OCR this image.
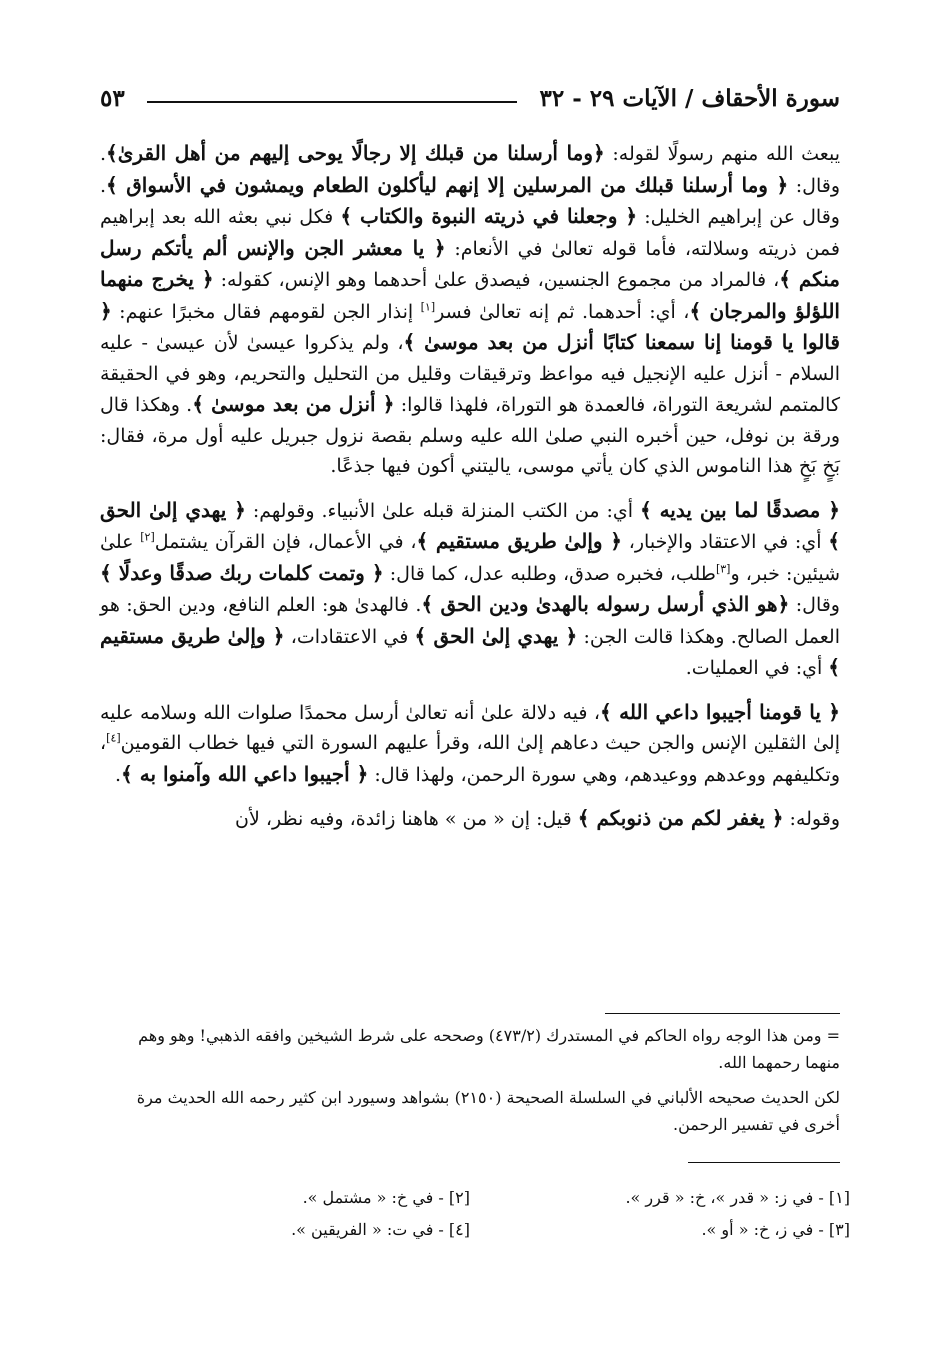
سورة الأحقاف / الآيات ٢٩ - ٣٢
٥٣

يبعث الله منهم رسولًا لقوله: ﴿وما أرسلنا من قبلك إلا رجالًا يوحى إليهم من أهل القرىٰ﴾. وقال: ﴿ وما أرسلنا قبلك من المرسلين إلا إنهم ليأكلون الطعام ويمشون في الأسواق ﴾. وقال عن إبراهيم الخليل: ﴿ وجعلنا في ذريته النبوة والكتاب ﴾ فكل نبي بعثه الله بعد إبراهيم فمن ذريته وسلالته، فأما قوله تعالىٰ في الأنعام: ﴿ يا معشر الجن والإنس ألم يأتكم رسل منكم ﴾، فالمراد من مجموع الجنسين، فيصدق علىٰ أحدهما وهو الإنس، كقوله: ﴿ يخرج منهما اللؤلؤ والمرجان ﴾، أي: أحدهما. ثم إنه تعالىٰ فسر[١] إنذار الجن لقومهم فقال مخبرًا عنهم: ﴿ قالوا يا قومنا إنا سمعنا كتابًا أنزل من بعد موسىٰ ﴾، ولم يذكروا عيسىٰ لأن عيسىٰ - عليه السلام - أنزل عليه الإنجيل فيه مواعظ وترقيقات وقليل من التحليل والتحريم، وهو في الحقيقة كالمتمم لشريعة التوراة، فالعمدة هو التوراة، فلهذا قالوا: ﴿ أنزل من بعد موسىٰ ﴾. وهكذا قال ورقة بن نوفل، حين أخبره النبي صلىٰ الله عليه وسلم بقصة نزول جبريل عليه أول مرة، فقال: بَخٍ بَخٍ هذا الناموس الذي كان يأتي موسى، ياليتني أكون فيها جذعًا.

﴿ مصدقًا لما بين يديه ﴾ أي: من الكتب المنزلة قبله علىٰ الأنبياء. وقولهم: ﴿ يهدي إلىٰ الحق ﴾ أي: في الاعتقاد والإخبار، ﴿ وإلىٰ طريق مستقيم ﴾، في الأعمال، فإن القرآن يشتمل[٢] علىٰ شيئين: خبر، و[٣]طلب، فخبره صدق، وطلبه عدل، كما قال: ﴿ وتمت كلمات ربك صدقًا وعدلًا ﴾ وقال: ﴿هو الذي أرسل رسوله بالهدىٰ ودين الحق ﴾. فالهدىٰ هو: العلم النافع، ودين الحق: هو العمل الصالح. وهكذا قالت الجن: ﴿ يهدي إلىٰ الحق ﴾ في الاعتقادات، ﴿ وإلىٰ طريق مستقيم ﴾ أي: في العمليات.

﴿ يا قومنا أجيبوا داعي الله ﴾، فيه دلالة علىٰ أنه تعالىٰ أرسل محمدًا صلوات الله وسلامه عليه إلىٰ الثقلين الإنس والجن حيث دعاهم إلىٰ الله، وقرأ عليهم السورة التي فيها خطاب القومين[٤]، وتكليفهم ووعدهم ووعيدهم، وهي سورة الرحمن، ولهذا قال: ﴿ أجيبوا داعي الله وآمنوا به ﴾.

وقوله: ﴿ يغفر لكم من ذنوبكم ﴾ قيل: إن « من » هاهنا زائدة، وفيه نظر، لأن

= ومن هذا الوجه رواه الحاكم في المستدرك (٤٧٣/٢) وصححه على شرط الشيخين وافقه الذهبي! وهو وهم منهما رحمهما الله.

لكن الحديث صحيحه الألباني في السلسلة الصحيحة (٢١٥٠) بشواهد وسيورد ابن كثير رحمه الله الحديث مرة أخرى في تفسير الرحمن.

[١] - في ز: « قدر »، خ: « قرر ».
[٢] - في خ: « مشتمل ».
[٣] - في ز، خ: « أو ».
[٤] - في ت: « الفريقين ».
